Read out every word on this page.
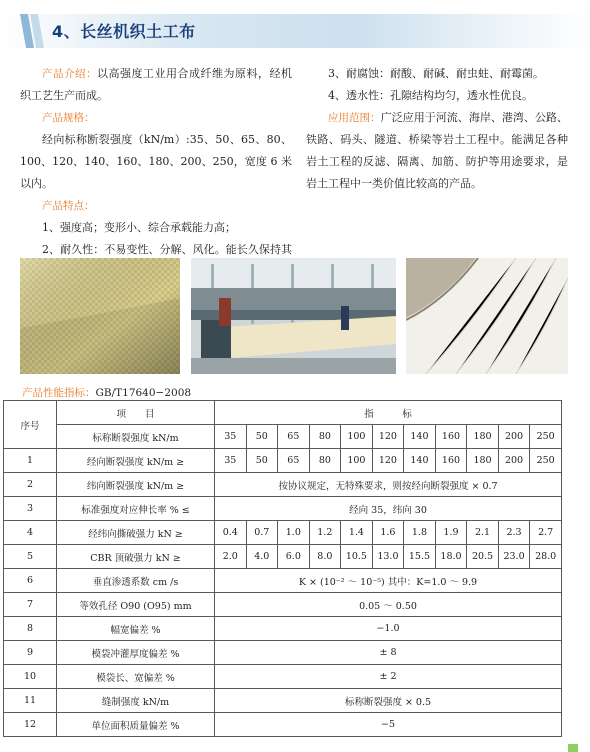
4、长丝机织土工布

产品介绍：以高强度工业用合成纤维为原料，经机织工艺生产而成。

产品规格：

经向标称断裂强度（kN/m）:35、50、65、80、100、120、140、160、180、200、250，宽度 6 米以内。

产品特点：

1、强度高；变形小、综合承载能力高；

2、耐久性：不易变性、分解、风化。能长久保持其

3、耐腐蚀：耐酸、耐碱、耐虫蛀、耐霉菌。

4、透水性：孔隙结构均匀，透水性优良。

应用范围：广泛应用于河流、海岸、港湾、公路、铁路、码头、隧道、桥梁等岩土工程中。能满足各种岩土工程的反滤、隔离、加筋、防护等用途要求，是岩土工程中一类价值比较高的产品。

产品性能指标：GB/T17640−2008
序号	项　　目	指　　　标										
	标称断裂强度 kN/m	35	50	65	80	100	120	140	160	180	200	250
1	经向断裂强度 kN/m ≥	35	50	65	80	100	120	140	160	180	200	250
2	纬向断裂强度 kN/m ≥	按协议规定，无特殊要求，则按经向断裂强度 × 0.7										
3	标准强度对应伸长率 % ≤	经向 35，纬向 30										
4	经纬向撕破强力 kN ≥	0.4	0.7	1.0	1.2	1.4	1.6	1.8	1.9	2.1	2.3	2.7
5	CBR 顶破强力 kN ≥	2.0	4.0	6.0	8.0	10.5	13.0	15.5	18.0	20.5	23.0	28.0
6	垂直渗透系数 cm /s	K × (10⁻² ～ 10⁻⁵) 其中：K=1.0 ～ 9.9										
7	等效孔径 O90 (O95) mm	0.05 ～ 0.50										
8	幅宽偏差 %	−1.0										
9	模袋冲灌厚度偏差 %	± 8										
10	模袋长、宽偏差 %	± 2										
11	缝制强度 kN/m	标称断裂强度 × 0.5										
12	单位面积质量偏差 %	−5										
